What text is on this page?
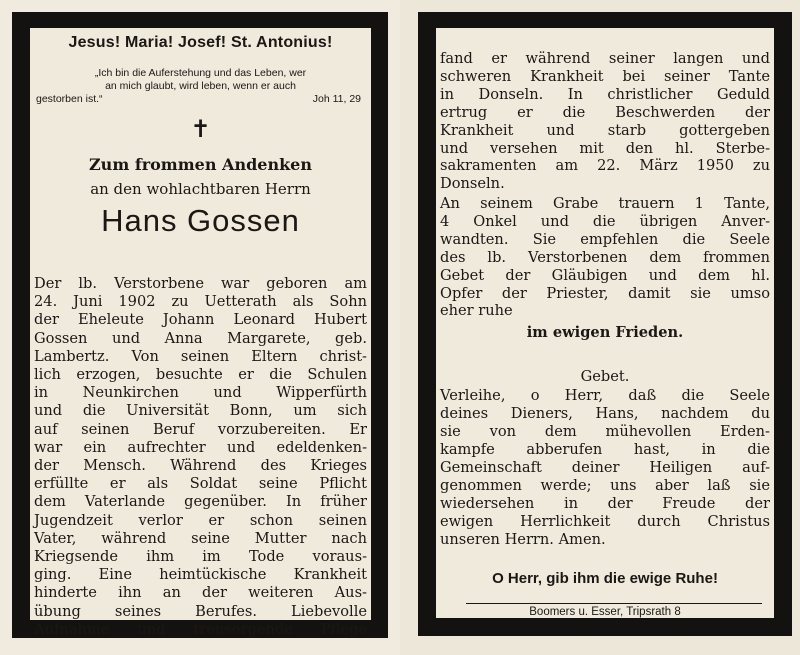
Jesus! Maria! Josef! St. Antonius!
„Ich bin die Auferstehung und das Leben, wer
an mich glaubt, wird leben, wenn er auch
gestorben ist.“	Joh 11, 29
✝
Zum frommen Andenken
an den wohlachtbaren Herrn
Hans Gossen
Der lb. Verstorbene war geboren am
24. Juni 1902 zu Uetterath als Sohn
der Eheleute Johann Leonard Hubert
Gossen und Anna Margarete, geb.
Lambertz. Von seinen Eltern christ-
lich erzogen, besuchte er die Schulen
in Neunkirchen und Wipperfürth
und die Universität Bonn, um sich
auf seinen Beruf vorzubereiten. Er
war ein aufrechter und edeldenken-
der Mensch. Während des Krieges
erfüllte er als Soldat seine Pflicht
dem Vaterlande gegenüber. In früher
Jugendzeit verlor er schon seinen
Vater, während seine Mutter nach
Kriegsende ihm im Tode voraus-
ging. Eine heimtückische Krankheit
hinderte ihn an der weiteren Aus-
übung seines Berufes. Liebevolle
Aufnahme und treusorgende Pflege
fand er während seiner langen und
schweren Krankheit bei seiner Tante
in Donseln. In christlicher Geduld
ertrug er die Beschwerden der
Krankheit und starb gottergeben
und versehen mit den hl. Sterbe-
sakramenten am 22. März 1950 zu
Donseln.
An seinem Grabe trauern 1 Tante,
4 Onkel und die übrigen Anver-
wandten. Sie empfehlen die Seele
des lb. Verstorbenen dem frommen
Gebet der Gläubigen und dem hl.
Opfer der Priester, damit sie umso
eher ruhe
im ewigen Frieden.
Gebet.
Verleihe, o Herr, daß die Seele
deines Dieners, Hans, nachdem du
sie von dem mühevollen Erden-
kampfe abberufen hast, in die
Gemeinschaft deiner Heiligen auf-
genommen werde; uns aber laß sie
wiedersehen in der Freude der
ewigen Herrlichkeit durch Christus
unseren Herrn. Amen.
O Herr, gib ihm die ewige Ruhe!
Boomers u. Esser, Tripsrath 8
